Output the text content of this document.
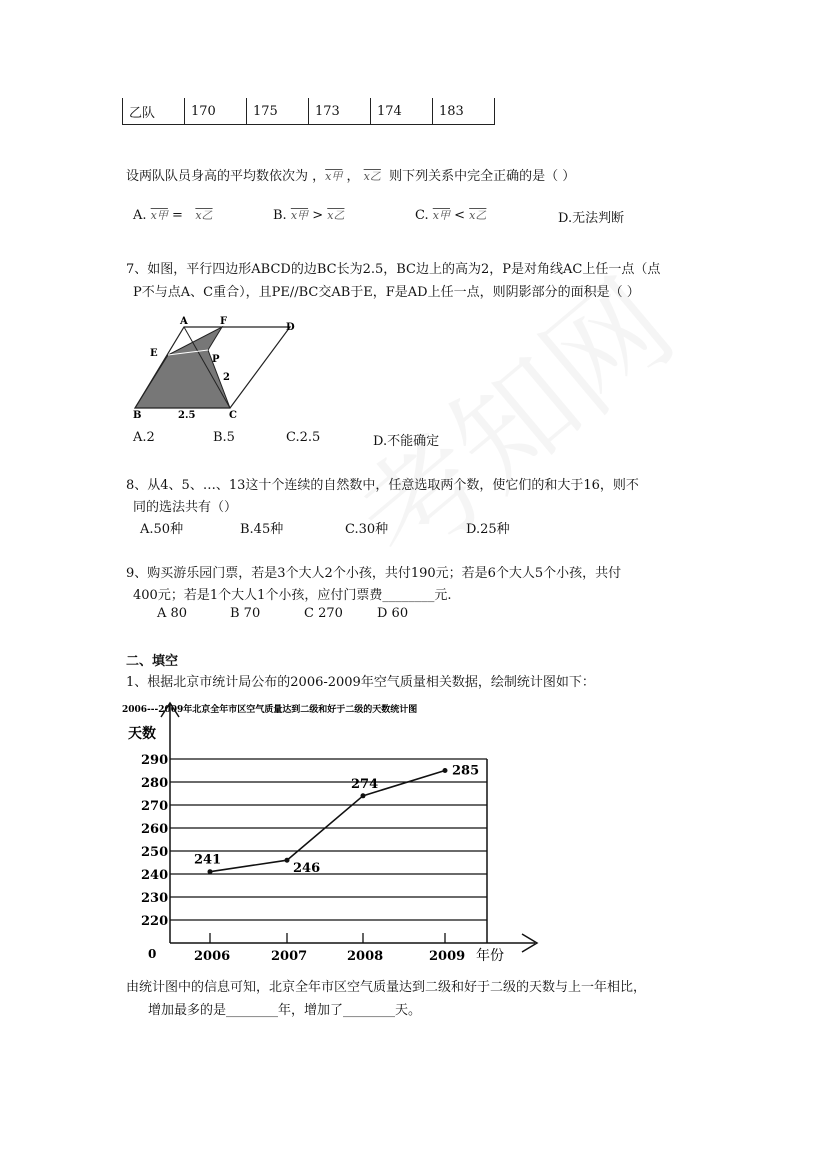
乙队	170	175	173	174	183
设两队队员身高的平均数依次为 ，x甲 ， x乙 则下列关系中完全正确的是（ ）
A. x甲 = x乙	B. x甲 > x乙	C. x甲 < x乙	D.无法判断
7、如图，平行四边形ABCD的边BC长为2.5，BC边上的高为2，P是对角线AC上任一点（点
P不与点A、C重合），且PE//BC交AB于E，F是AD上任一点，则阴影部分的面积是（ ）
A	F
D
E
P
2
B	2.5	C
A.2	B.5	C.2.5	D.不能确定
8、从4、5、…、13这十个连续的自然数中，任意选取两个数，使它们的和大于16，则不
同的选法共有（）
A.50种	B.45种	C.30种	D.25种
9、购买游乐园门票，若是3个大人2个小孩，共付190元；若是6个大人5个小孩，共付
400元；若是1个大人1个小孩，应付门票费________元.
A 80	B 70	C 270	D 60
二、填空
1、根据北京市统计局公布的2006-2009年空气质量相关数据，绘制统计图如下：
2006---2009年北京全年市区空气质量达到二级和好于二级的天数统计图
天数
年份
0
220
230
240
250
260
270
280
290
2006	2007	2008	2009
241
246
274
285
由统计图中的信息可知，北京全年市区空气质量达到二级和好于二级的天数与上一年相比，
增加最多的是________年，增加了________天。
